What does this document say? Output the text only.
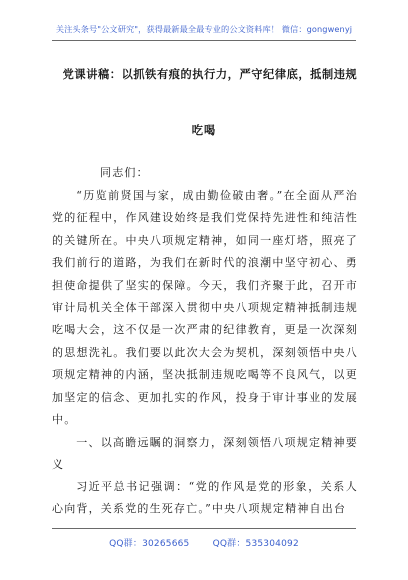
关注头条号"公文研究"，获得最新最全最专业的公文资料库！ 微信：gongwenyj
党课讲稿：以抓铁有痕的执行力，严守纪律底，抵制违规
吃喝
同志们：
“历览前贤国与家，成由勤俭破由奢。”在全面从严治党的征程中，作风建设始终是我们党保持先进性和纯洁性的关键所在。中央八项规定精神，如同一座灯塔，照亮了我们前行的道路，为我们在新时代的浪潮中坚守初心、勇担使命提供了坚实的保障。今天，我们齐聚于此，召开市审计局机关全体干部深入贯彻中央八项规定精神抵制违规吃喝大会，这不仅是一次严肃的纪律教育，更是一次深刻的思想洗礼。我们要以此次大会为契机，深刻领悟中央八项规定精神的内涵，坚决抵制违规吃喝等不良风气，以更加坚定的信念、更加扎实的作风，投身于审计事业的发展中。
一、以高瞻远瞩的洞察力，深刻领悟八项规定精神要义
习近平总书记强调：“党的作风是党的形象，关系人心向背，关系党的生死存亡。”中央八项规定精神自出台
QQ群：30265665	QQ群：535304092
